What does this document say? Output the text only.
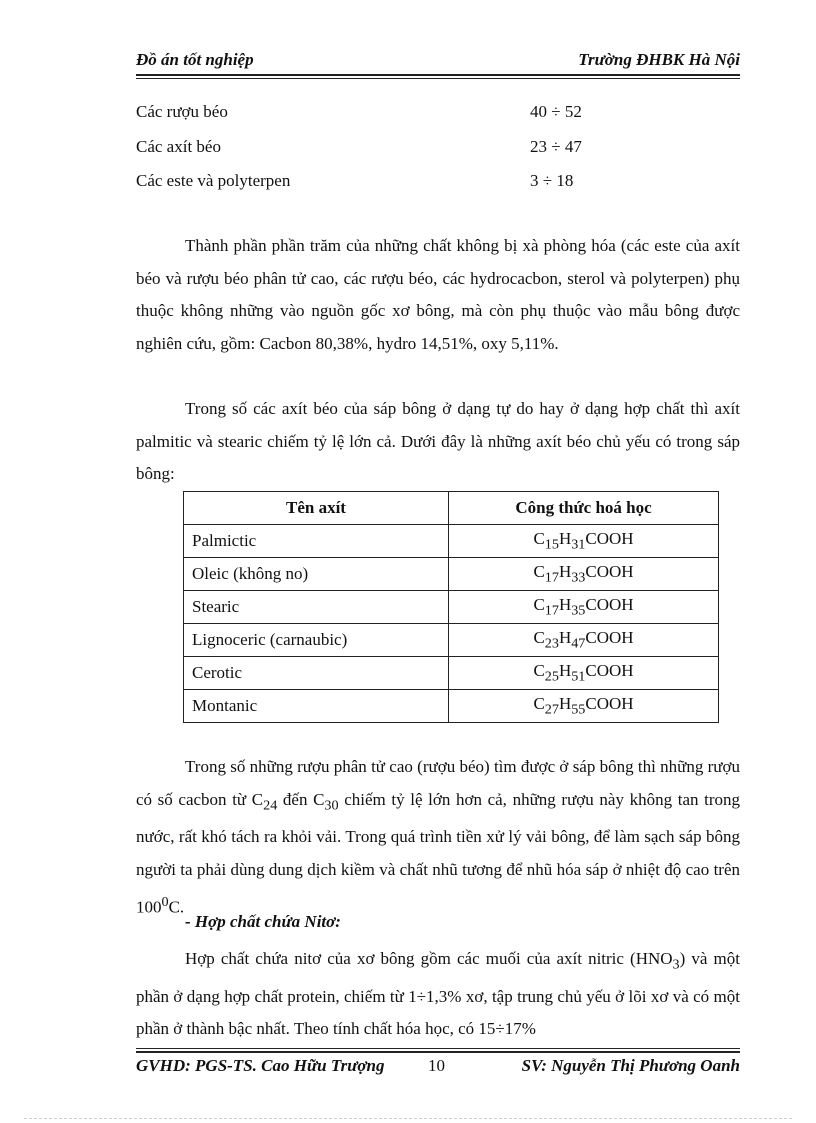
Đồ án tốt nghiệp	Trường ĐHBK Hà Nội
Các rượu béo	40 ÷ 52
Các axít béo	23 ÷ 47
Các este và polyterpen	3 ÷ 18

Thành phần phần trăm của những chất không bị xà phòng hóa (các este của axít béo và rượu béo phân tử cao, các rượu béo, các hydrocacbon, sterol và polyterpen) phụ thuộc không những vào nguồn gốc xơ bông, mà còn phụ thuộc vào mẫu bông được nghiên cứu, gồm: Cacbon 80,38%, hydro 14,51%, oxy 5,11%.

Trong số các axít béo của sáp bông ở dạng tự do hay ở dạng hợp chất thì axít palmitic và stearic chiếm tỷ lệ lớn cả. Dưới đây là những axít béo chủ yếu có trong sáp bông:

Tên axít	Công thức hoá học
Palmictic	$C_{15}H_{31}COOH$
Oleic (không no)	$C_{17}H_{33}COOH$
Stearic	$C_{17}H_{35}COOH$
Lignoceric (carnaubic)	$C_{23}H_{47}COOH$
Cerotic	$C_{25}H_{51}COOH$
Montanic	$C_{27}H_{55}COOH$

Trong số những rượu phân tử cao (rượu béo) tìm được ở sáp bông thì những rượu có số cacbon từ $C_{24}$ đến $C_{30}$ chiếm tỷ lệ lớn hơn cả, những rượu này không tan trong nước, rất khó tách ra khỏi vải. Trong quá trình tiền xử lý vải bông, để làm sạch sáp bông người ta phải dùng dung dịch kiềm và chất nhũ tương để nhũ hóa sáp ở nhiệt độ cao trên $100^0C$.

- Hợp chất chứa Nitơ:

Hợp chất chứa nitơ của xơ bông gồm các muối của axít nitric $(HNO_3)$ và một phần ở dạng hợp chất protein, chiếm từ 1÷1,3% xơ, tập trung chủ yếu ở lõi xơ và có một phần ở thành bậc nhất. Theo tính chất hóa học, có 15÷17%

GVHD: PGS-TS. Cao Hữu Trượng	10	SV: Nguyễn Thị Phương Oanh
